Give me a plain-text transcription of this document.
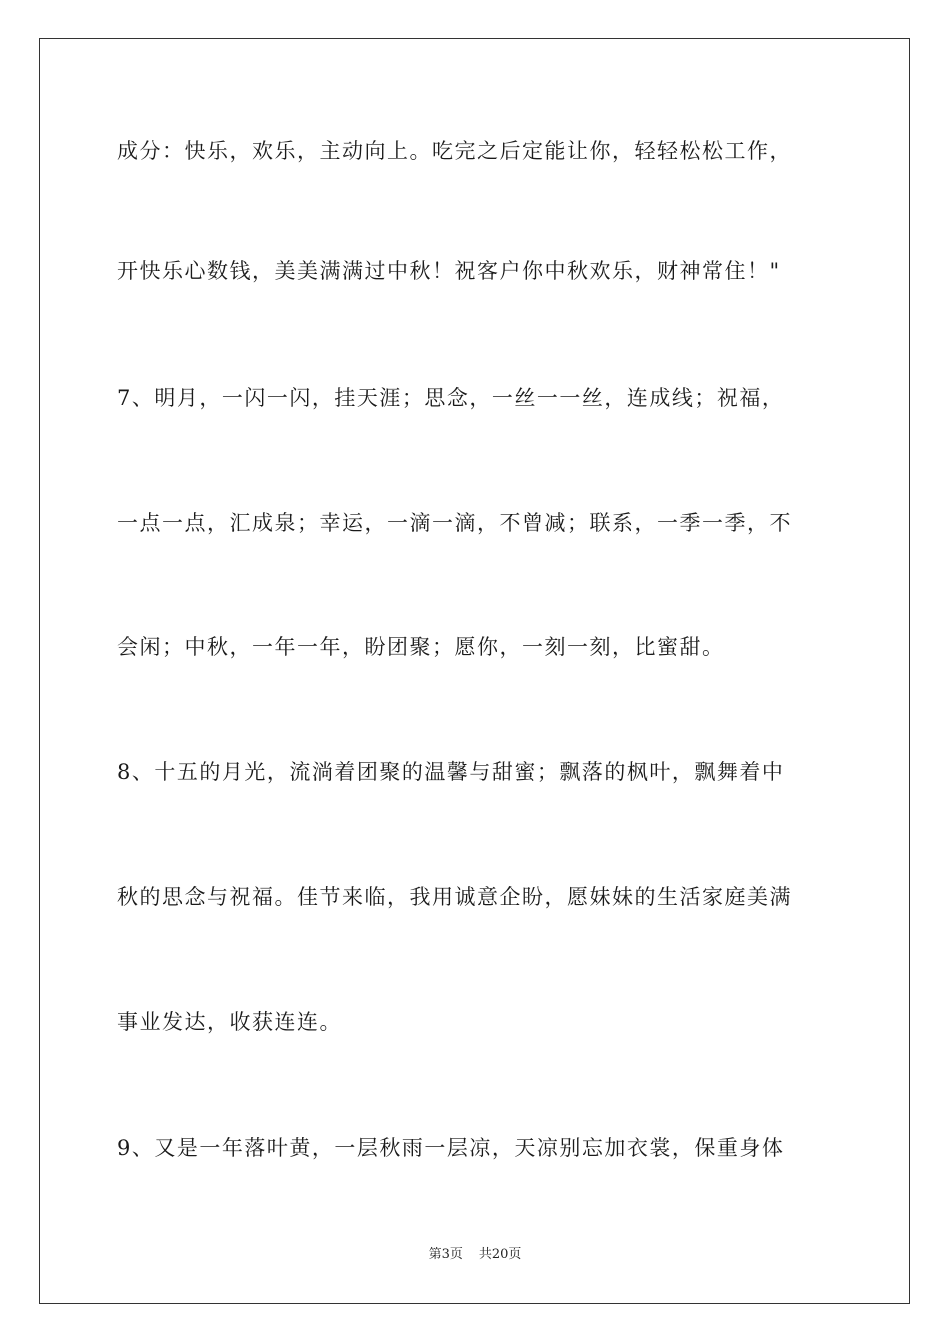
成分：快乐，欢乐，主动向上。吃完之后定能让你，轻轻松松工作，
开快乐心数钱，美美满满过中秋！祝客户你中秋欢乐，财神常住！"
7、明月，一闪一闪，挂天涯；思念，一丝一一丝，连成线；祝福，
一点一点，汇成泉；幸运，一滴一滴，不曾减；联系，一季一季，不
会闲；中秋，一年一年，盼团聚；愿你，一刻一刻，比蜜甜。
8、十五的月光，流淌着团聚的温馨与甜蜜；飘落的枫叶，飘舞着中
秋的思念与祝福。佳节来临，我用诚意企盼，愿妹妹的生活家庭美满
事业发达，收获连连。
9、又是一年落叶黄，一层秋雨一层凉，天凉别忘加衣裳，保重身体
第3页 共20页
